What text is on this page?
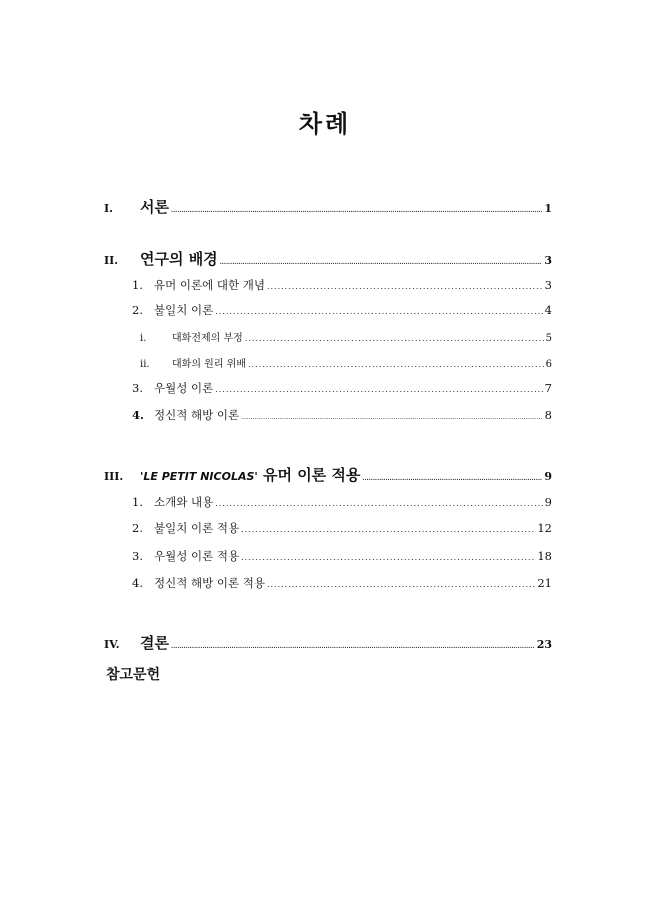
차례
I.	서론 .....	1
II.	연구의 배경 .....	3
1. 유머 이론에 대한 개념 .....	3
2. 불일치 이론 .....	4
i.	대화전제의 부정 .....	5
ii.	대화의 원리 위배 .....	6
3. 우월성 이론 .....	7
4. 정신적 해방 이론 .....	8
III.	'LE PETIT NICOLAS' 유머 이론 적용 .....	9
1. 소개와 내용 .....	9
2. 불일치 이론 적용 .....	12
3. 우월성 이론 적용 .....	18
4. 정신적 해방 이론 적용 .....	21
IV.	결론 .....	23
참고문헌
